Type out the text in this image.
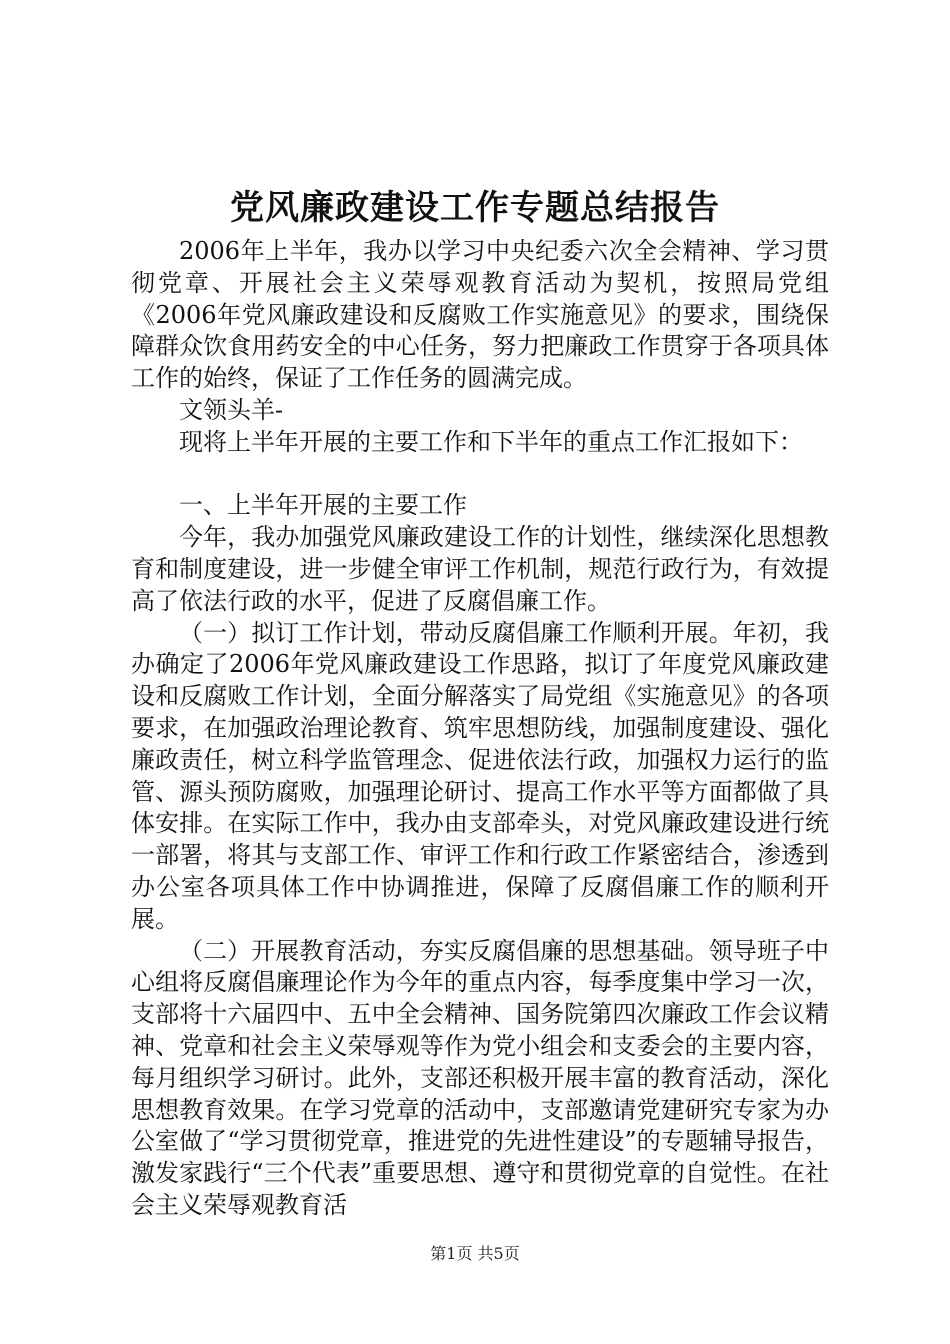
党风廉政建设工作专题总结报告

2006年上半年，我办以学习中央纪委六次全会精神、学习贯彻党章、开展社会主义荣辱观教育活动为契机，按照局党组《2006年党风廉政建设和反腐败工作实施意见》的要求，围绕保障群众饮食用药安全的中心任务，努力把廉政工作贯穿于各项具体工作的始终，保证了工作任务的圆满完成。

文领头羊-

现将上半年开展的主要工作和下半年的重点工作汇报如下：

一、上半年开展的主要工作

今年，我办加强党风廉政建设工作的计划性，继续深化思想教育和制度建设，进一步健全审评工作机制，规范行政行为，有效提高了依法行政的水平，促进了反腐倡廉工作。

（一）拟订工作计划，带动反腐倡廉工作顺利开展。年初，我办确定了2006年党风廉政建设工作思路，拟订了年度党风廉政建设和反腐败工作计划，全面分解落实了局党组《实施意见》的各项要求，在加强政治理论教育、筑牢思想防线，加强制度建设、强化廉政责任，树立科学监管理念、促进依法行政，加强权力运行的监管、源头预防腐败，加强理论研讨、提高工作水平等方面都做了具体安排。在实际工作中，我办由支部牵头，对党风廉政建设进行统一部署，将其与支部工作、审评工作和行政工作紧密结合，渗透到办公室各项具体工作中协调推进，保障了反腐倡廉工作的顺利开展。

（二）开展教育活动，夯实反腐倡廉的思想基础。领导班子中心组将反腐倡廉理论作为今年的重点内容，每季度集中学习一次，支部将十六届四中、五中全会精神、国务院第四次廉政工作会议精神、党章和社会主义荣辱观等作为党小组会和支委会的主要内容，每月组织学习研讨。此外，支部还积极开展丰富的教育活动，深化思想教育效果。在学习党章的活动中，支部邀请党建研究专家为办公室做了“学习贯彻党章，推进党的先进性建设”的专题辅导报告，激发家践行“三个代表”重要思想、遵守和贯彻党章的自觉性。在社会主义荣辱观教育活

第1页 共5页
